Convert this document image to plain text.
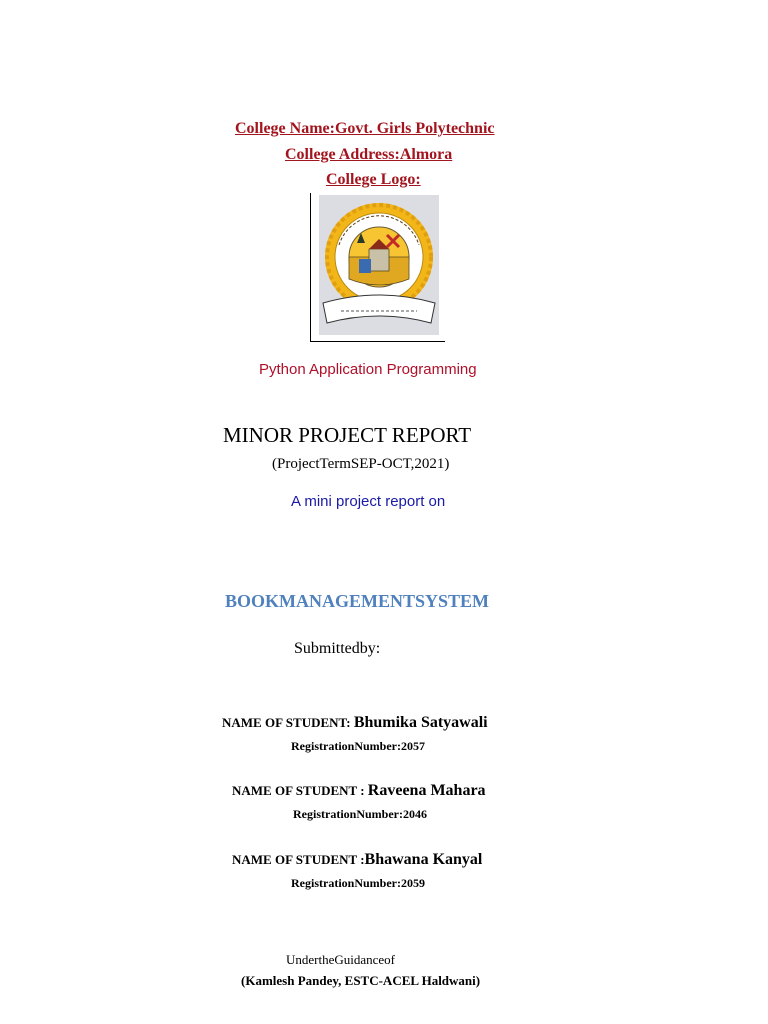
College Name:Govt. Girls Polytechnic
College Address:Almora
College Logo:
Python Application Programming
MINOR PROJECT REPORT
(ProjectTermSEP-OCT,2021)
A mini project report on
BOOKMANAGEMENTSYSTEM
Submittedby:
NAME OF STUDENT: Bhumika Satyawali
RegistrationNumber:2057
NAME OF STUDENT : Raveena Mahara
RegistrationNumber:2046
NAME OF STUDENT :Bhawana Kanyal
RegistrationNumber:2059
UndertheGuidanceof
(Kamlesh Pandey, ESTC-ACEL Haldwani)
